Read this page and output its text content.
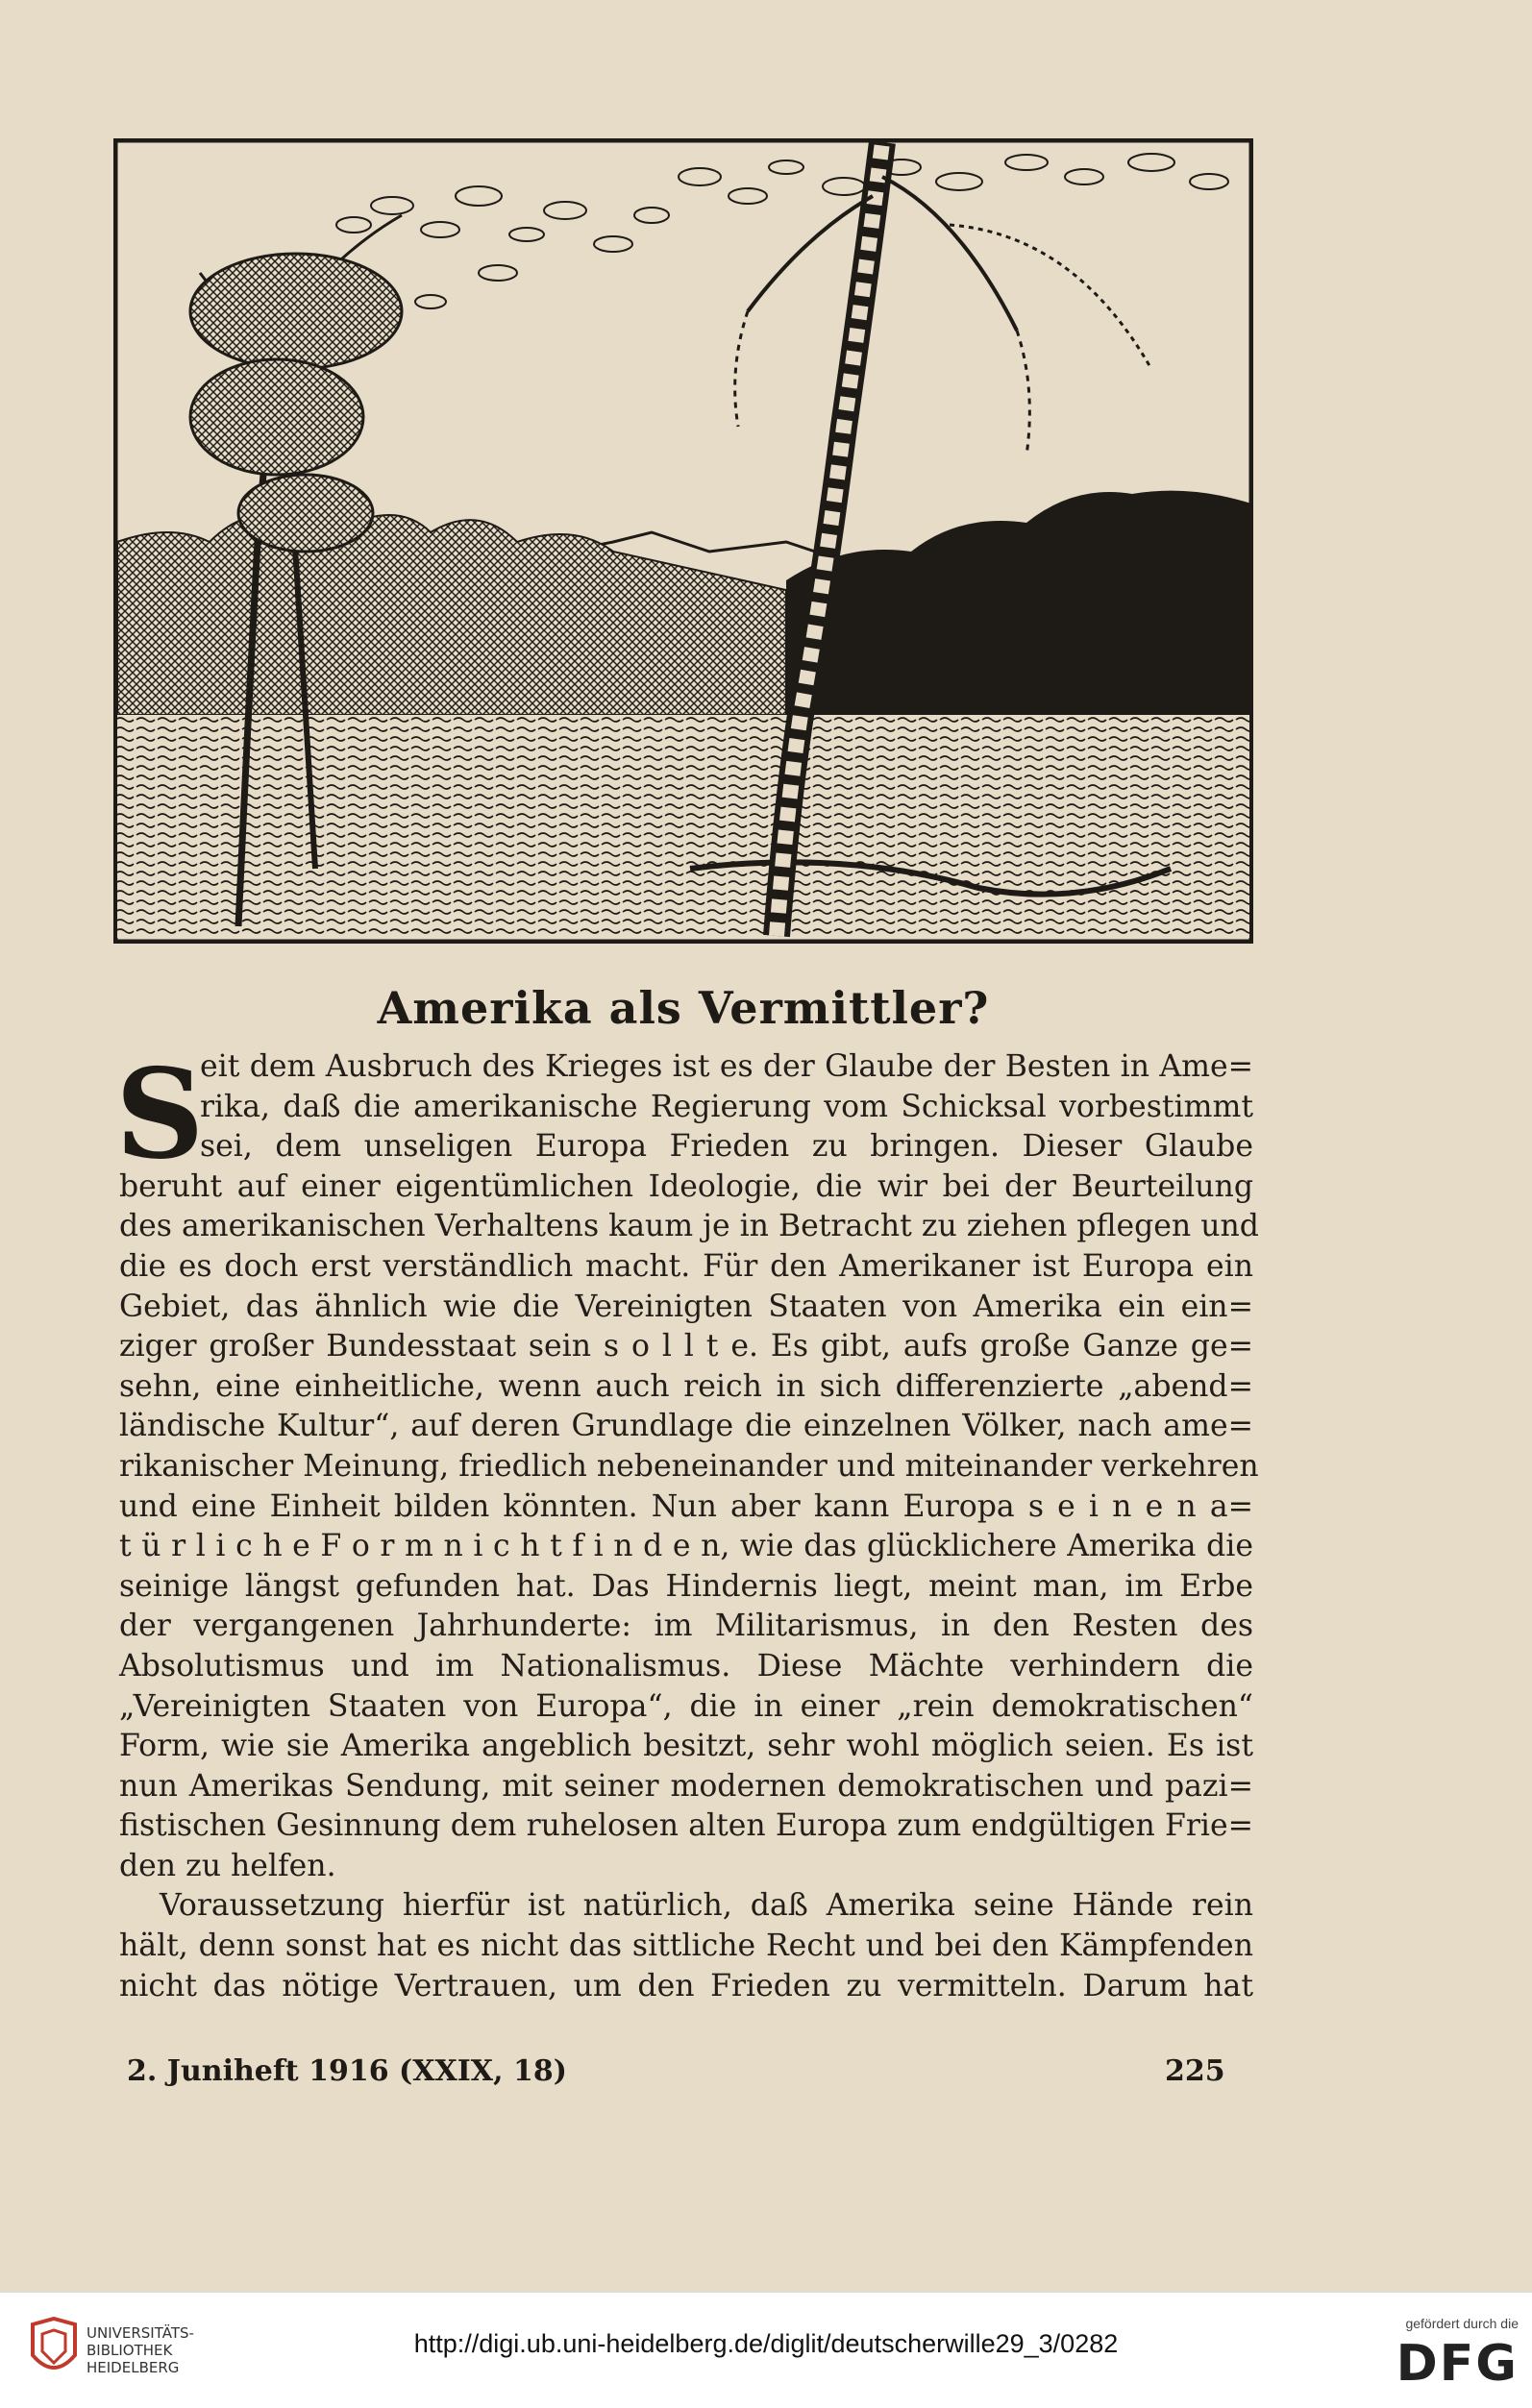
Amerika als Vermittler?
S
eit dem Ausbruch des Krieges ist es der Glaube der Besten in Ame=
rika, daß die amerikanische Regierung vom Schicksal vorbestimmt
sei, dem unseligen Europa Frieden zu bringen. Dieser Glaube
beruht auf einer eigentümlichen Ideologie, die wir bei der Beurteilung
des amerikanischen Verhaltens kaum je in Betracht zu ziehen pflegen und
die es doch erst verständlich macht. Für den Amerikaner ist Europa ein
Gebiet, das ähnlich wie die Vereinigten Staaten von Amerika ein ein=
ziger großer Bundesstaat sein s o l l t e. Es gibt, aufs große Ganze ge=
sehn, eine einheitliche, wenn auch reich in sich differenzierte „abend=
ländische Kultur“, auf deren Grundlage die einzelnen Völker, nach ame=
rikanischer Meinung, friedlich nebeneinander und miteinander verkehren
und eine Einheit bilden könnten. Nun aber kann Europa s e i n e n a=
t ü r l i c h e F o r m n i c h t f i n d e n, wie das glücklichere Amerika die
seinige längst gefunden hat. Das Hindernis liegt, meint man, im Erbe
der vergangenen Jahrhunderte: im Militarismus, in den Resten des
Absolutismus und im Nationalismus. Diese Mächte verhindern die
„Vereinigten Staaten von Europa“, die in einer „rein demokratischen“
Form, wie sie Amerika angeblich besitzt, sehr wohl möglich seien. Es ist
nun Amerikas Sendung, mit seiner modernen demokratischen und pazi=
fistischen Gesinnung dem ruhelosen alten Europa zum endgültigen Frie=
den zu helfen.
Voraussetzung hierfür ist natürlich, daß Amerika seine Hände rein
hält, denn sonst hat es nicht das sittliche Recht und bei den Kämpfenden
nicht das nötige Vertrauen, um den Frieden zu vermitteln. Darum hat
2. Juniheft 1916 (XXIX, 18)	225
UNIVERSITÄTS-
BIBLIOTHEK
HEIDELBERG
http://digi.ub.uni-heidelberg.de/diglit/deutscherwille29_3/0282
gefördert durch die
DFG
